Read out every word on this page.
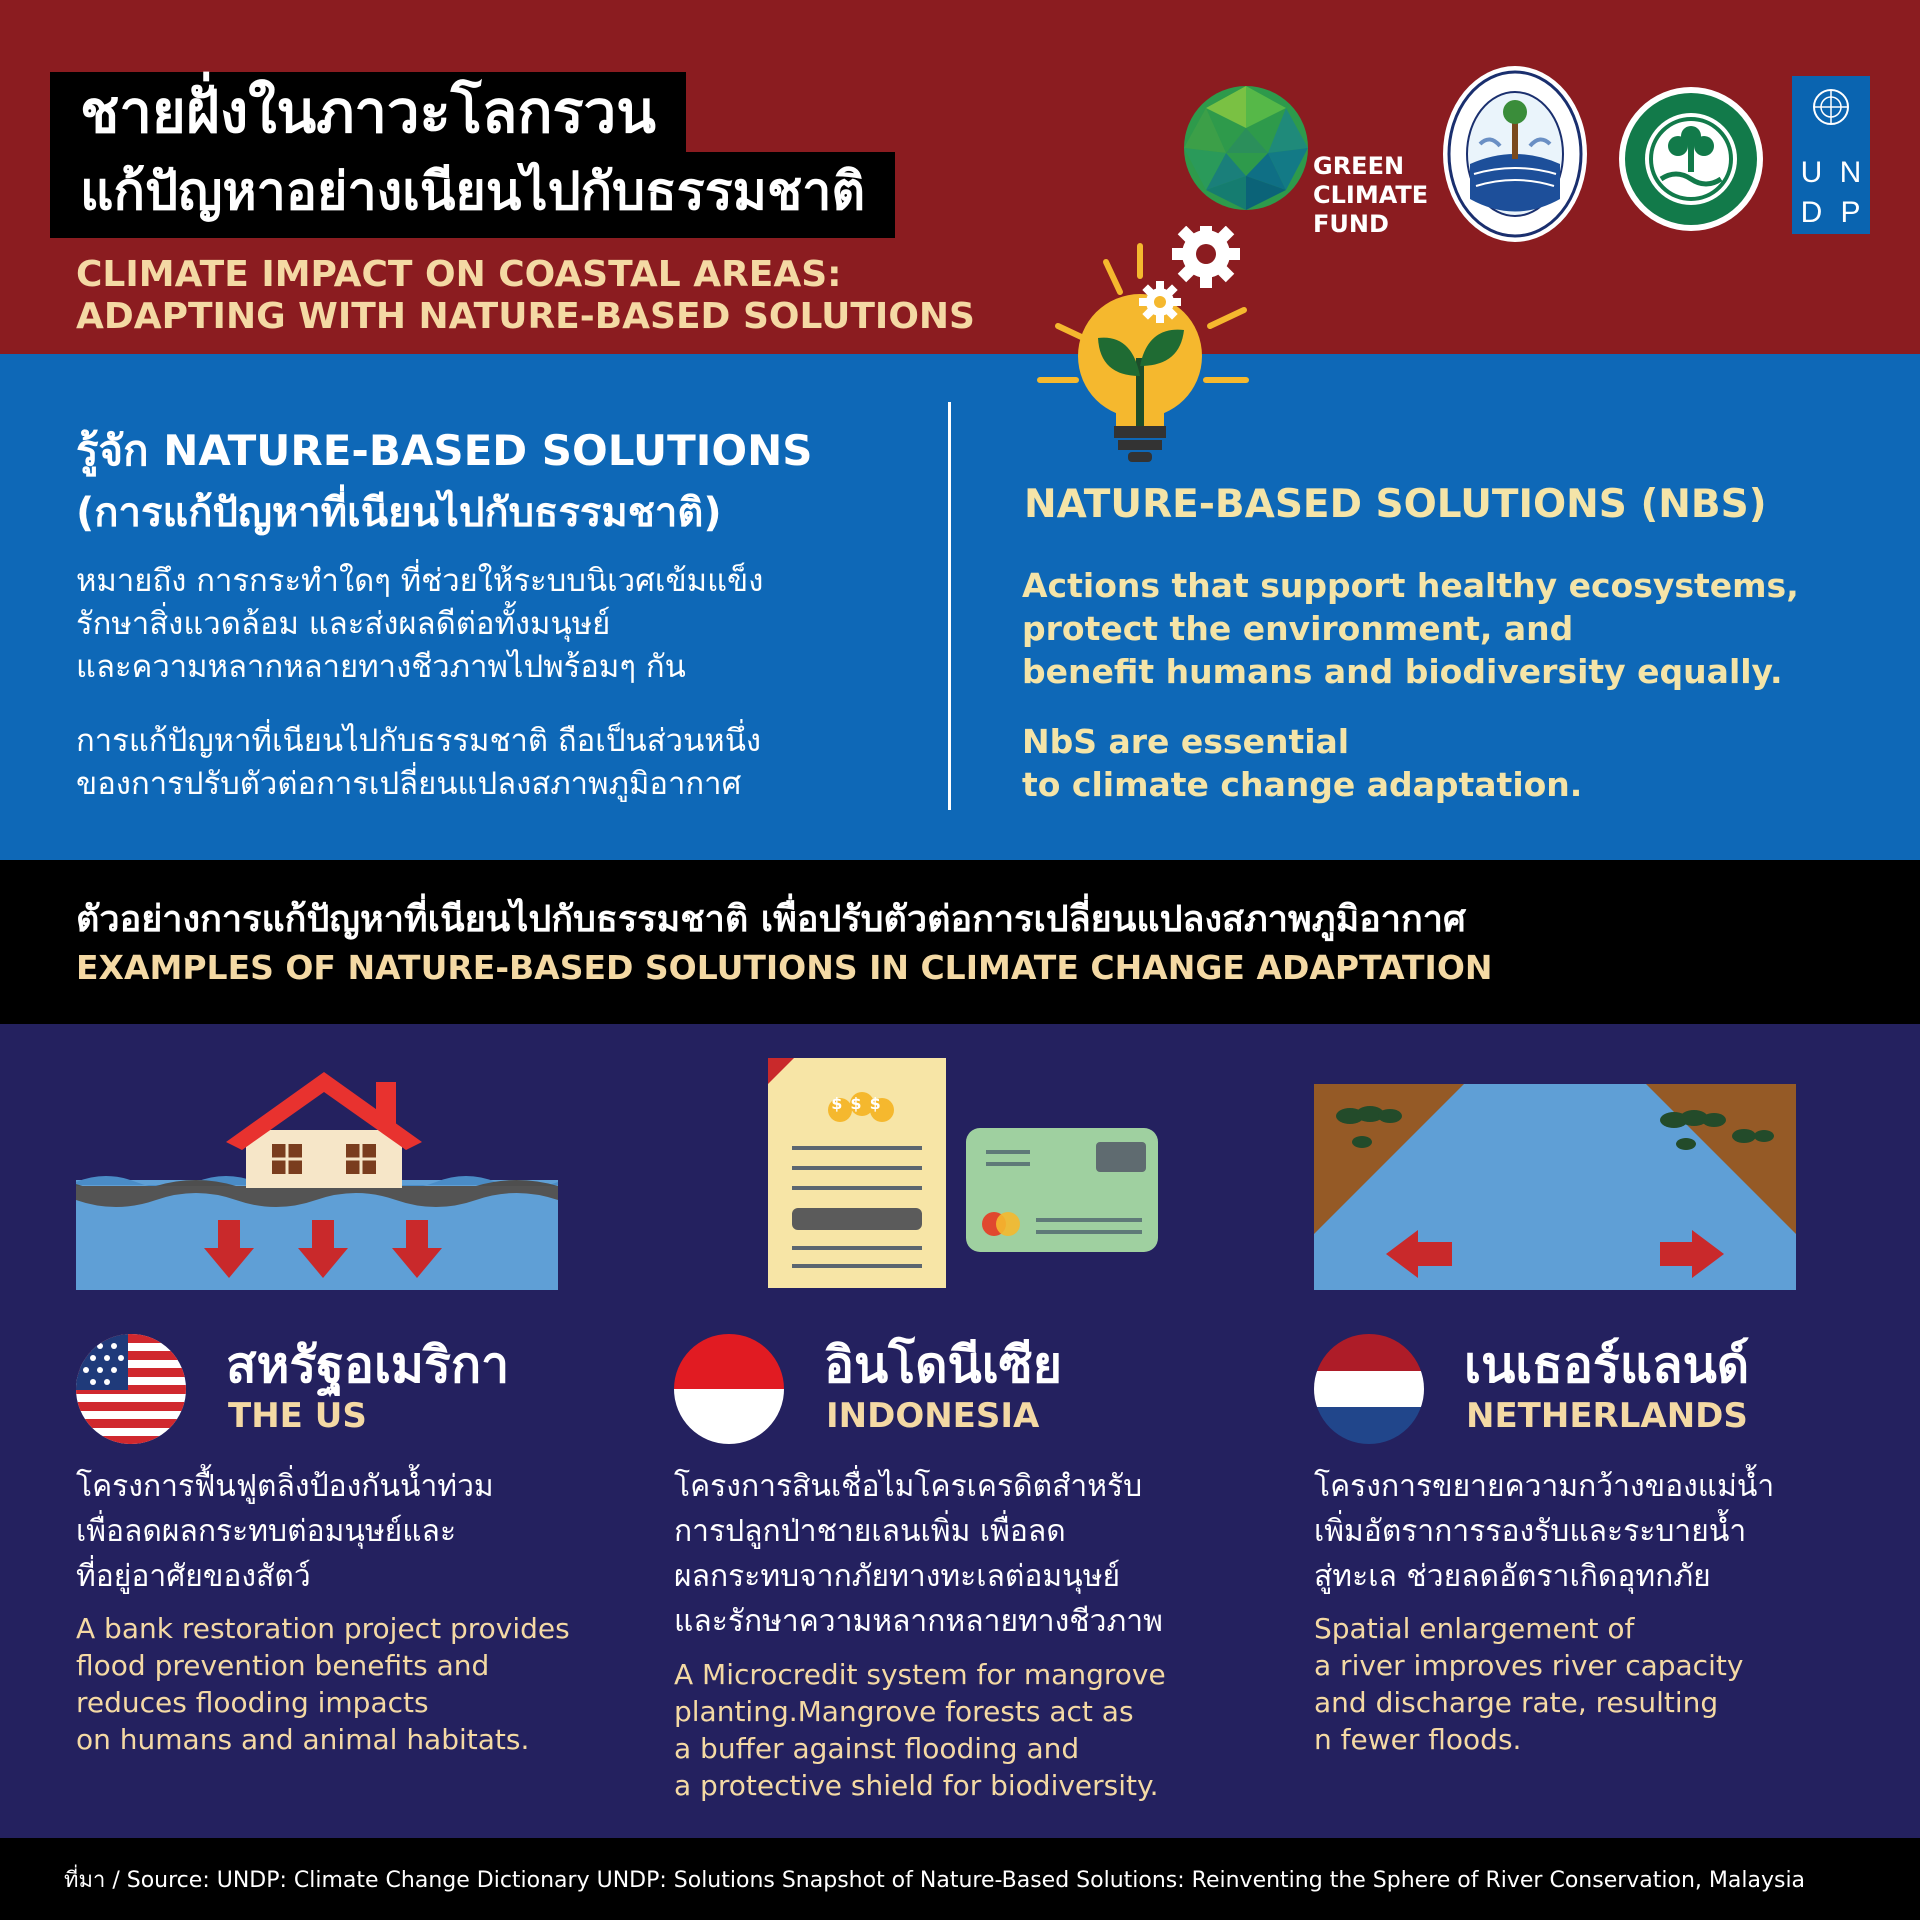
ชายฝั่งในภาวะโลกรวน
แก้ปัญหาอย่างเนียนไปกับธรรมชาติ
CLIMATE IMPACT ON COASTAL AREAS:
ADAPTING WITH NATURE-BASED SOLUTIONS
GREEN
CLIMATE
FUND
U N
D P
รู้จัก NATURE-BASED SOLUTIONS
(การแก้ปัญหาที่เนียนไปกับธรรมชาติ)
หมายถึง การกระทำใดๆ ที่ช่วยให้ระบบนิเวศเข้มแข็ง
รักษาสิ่งแวดล้อม และส่งผลดีต่อทั้งมนุษย์
และความหลากหลายทางชีวภาพไปพร้อมๆ กัน
การแก้ปัญหาที่เนียนไปกับธรรมชาติ ถือเป็นส่วนหนึ่ง
ของการปรับตัวต่อการเปลี่ยนแปลงสภาพภูมิอากาศ
NATURE-BASED SOLUTIONS (NBS)
Actions that support healthy ecosystems,
protect the environment, and
benefit humans and biodiversity equally.
NbS are essential
to climate change adaptation.
ตัวอย่างการแก้ปัญหาที่เนียนไปกับธรรมชาติ เพื่อปรับตัวต่อการเปลี่ยนแปลงสภาพภูมิอากาศ
EXAMPLES OF NATURE-BASED SOLUTIONS IN CLIMATE CHANGE ADAPTATION
สหรัฐอเมริกา
THE US
โครงการฟื้นฟูตลิ่งป้องกันน้ำท่วม
เพื่อลดผลกระทบต่อมนุษย์และ
ที่อยู่อาศัยของสัตว์
A bank restoration project provides
flood prevention benefits and
reduces flooding impacts
on humans and animal habitats.
$$$
อินโดนีเซีย
INDONESIA
โครงการสินเชื่อไมโครเครดิตสำหรับ
การปลูกป่าชายเลนเพิ่ม เพื่อลด
ผลกระทบจากภัยทางทะเลต่อมนุษย์
และรักษาความหลากหลายทางชีวภาพ
A Microcredit system for mangrove
planting.Mangrove forests act as
a buffer against flooding and
a protective shield for biodiversity.
เนเธอร์แลนด์
NETHERLANDS
โครงการขยายความกว้างของแม่น้ำ
เพิ่มอัตราการรองรับและระบายน้ำ
สู่ทะเล ช่วยลดอัตราเกิดอุทกภัย
Spatial enlargement of
a river improves river capacity
and discharge rate, resulting
n fewer floods.
ที่มา / Source: UNDP: Climate Change Dictionary UNDP: Solutions Snapshot of Nature-Based Solutions: Reinventing the Sphere of River Conservation, Malaysia
